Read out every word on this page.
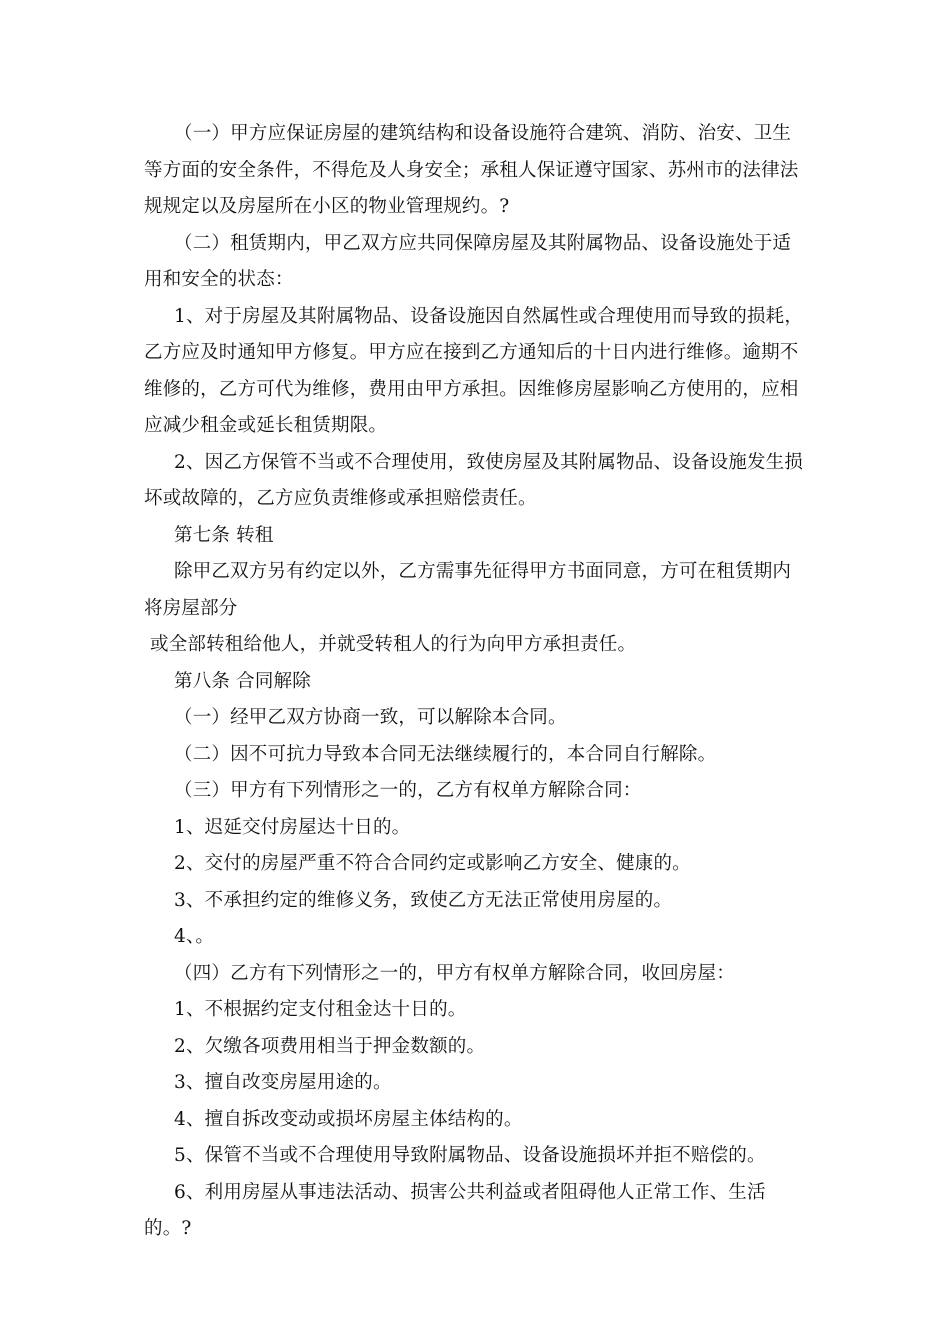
（一）甲方应保证房屋的建筑结构和设备设施符合建筑、消防、治安、卫生等方面的安全条件，不得危及人身安全；承租人保证遵守国家、苏州市的法律法规规定以及房屋所在小区的物业管理规约。?

（二）租赁期内，甲乙双方应共同保障房屋及其附属物品、设备设施处于适用和安全的状态：

1、对于房屋及其附属物品、设备设施因自然属性或合理使用而导致的损耗，乙方应及时通知甲方修复。甲方应在接到乙方通知后的十日内进行维修。逾期不维修的，乙方可代为维修，费用由甲方承担。因维修房屋影响乙方使用的，应相应减少租金或延长租赁期限。

2、因乙方保管不当或不合理使用，致使房屋及其附属物品、设备设施发生损坏或故障的，乙方应负责维修或承担赔偿责任。

第七条 转租

除甲乙双方另有约定以外，乙方需事先征得甲方书面同意，方可在租赁期内将房屋部分

或全部转租给他人，并就受转租人的行为向甲方承担责任。

第八条 合同解除

（一）经甲乙双方协商一致，可以解除本合同。

（二）因不可抗力导致本合同无法继续履行的，本合同自行解除。

（三）甲方有下列情形之一的，乙方有权单方解除合同：

1、迟延交付房屋达十日的。

2、交付的房屋严重不符合合同约定或影响乙方安全、健康的。

3、不承担约定的维修义务，致使乙方无法正常使用房屋的。

4、。

（四）乙方有下列情形之一的，甲方有权单方解除合同，收回房屋：

1、不根据约定支付租金达十日的。

2、欠缴各项费用相当于押金数额的。

3、擅自改变房屋用途的。

4、擅自拆改变动或损坏房屋主体结构的。

5、保管不当或不合理使用导致附属物品、设备设施损坏并拒不赔偿的。

6、利用房屋从事违法活动、损害公共利益或者阻碍他人正常工作、生活的。?
